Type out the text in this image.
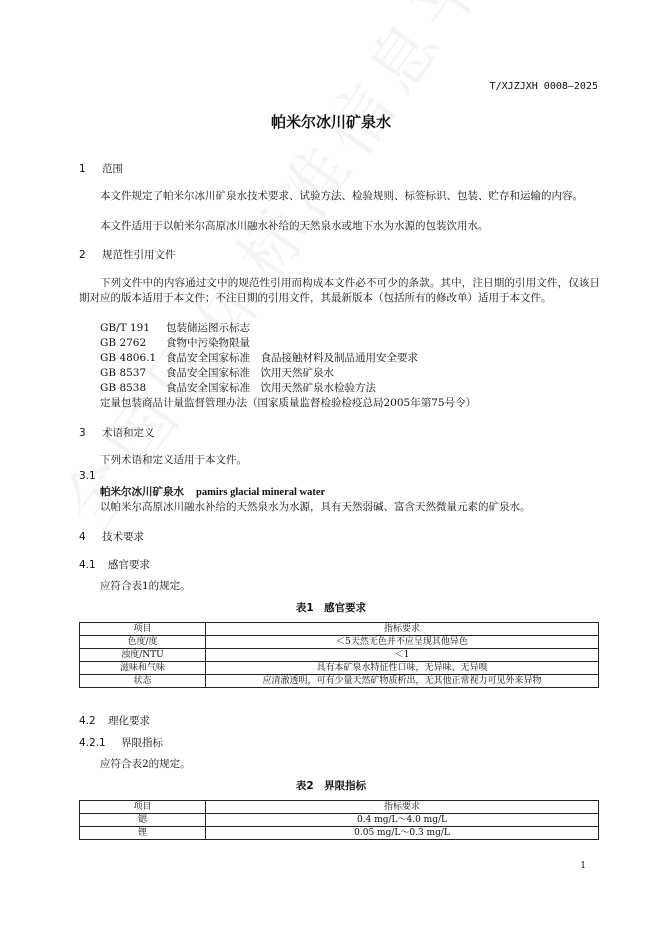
T/XJZJXH 0008—2025
帕米尔冰川矿泉水
1 范围
本文件规定了帕米尔冰川矿泉水技术要求、试验方法、检验规则、标签标识、包装、贮存和运输的内容。
本文件适用于以帕米尔高原冰川融水补给的天然泉水或地下水为水源的包装饮用水。
2 规范性引用文件
下列文件中的内容通过文中的规范性引用而构成本文件必不可少的条款。其中，注日期的引用文件，仅该日期对应的版本适用于本文件；不注日期的引用文件，其最新版本（包括所有的修改单）适用于本文件。
GB/T 191 包装储运图示标志
GB 2762 食物中污染物限量
GB 4806.1 食品安全国家标准　食品接触材料及制品通用安全要求
GB 8537 食品安全国家标准　饮用天然矿泉水
GB 8538 食品安全国家标准　饮用天然矿泉水检验方法
定量包装商品计量监督管理办法（国家质量监督检验检疫总局2005年第75号令）
3 术语和定义
下列术语和定义适用于本文件。
3.1
帕米尔冰川矿泉水 pamirs glacial mineral water
以帕米尔高原冰川融水补给的天然泉水为水源，具有天然弱碱、富含天然微量元素的矿泉水。
4 技术要求
4.1 感官要求
应符合表1的规定。
表1　感官要求
项目	指标要求
色度/度	＜5天然无色并不应呈现其他异色
浊度/NTU	＜1
滋味和气味	具有本矿泉水特征性口味，无异味、无异嗅
状态	应清澈透明，可有少量天然矿物质析出，无其他正常视力可见外来异物
4.2 理化要求
4.2.1 界限指标
应符合表2的规定。
表2　界限指标
项目	指标要求
锶	0.4 mg/L～4.0 mg/L
锂	0.05 mg/L～0.3 mg/L
1
